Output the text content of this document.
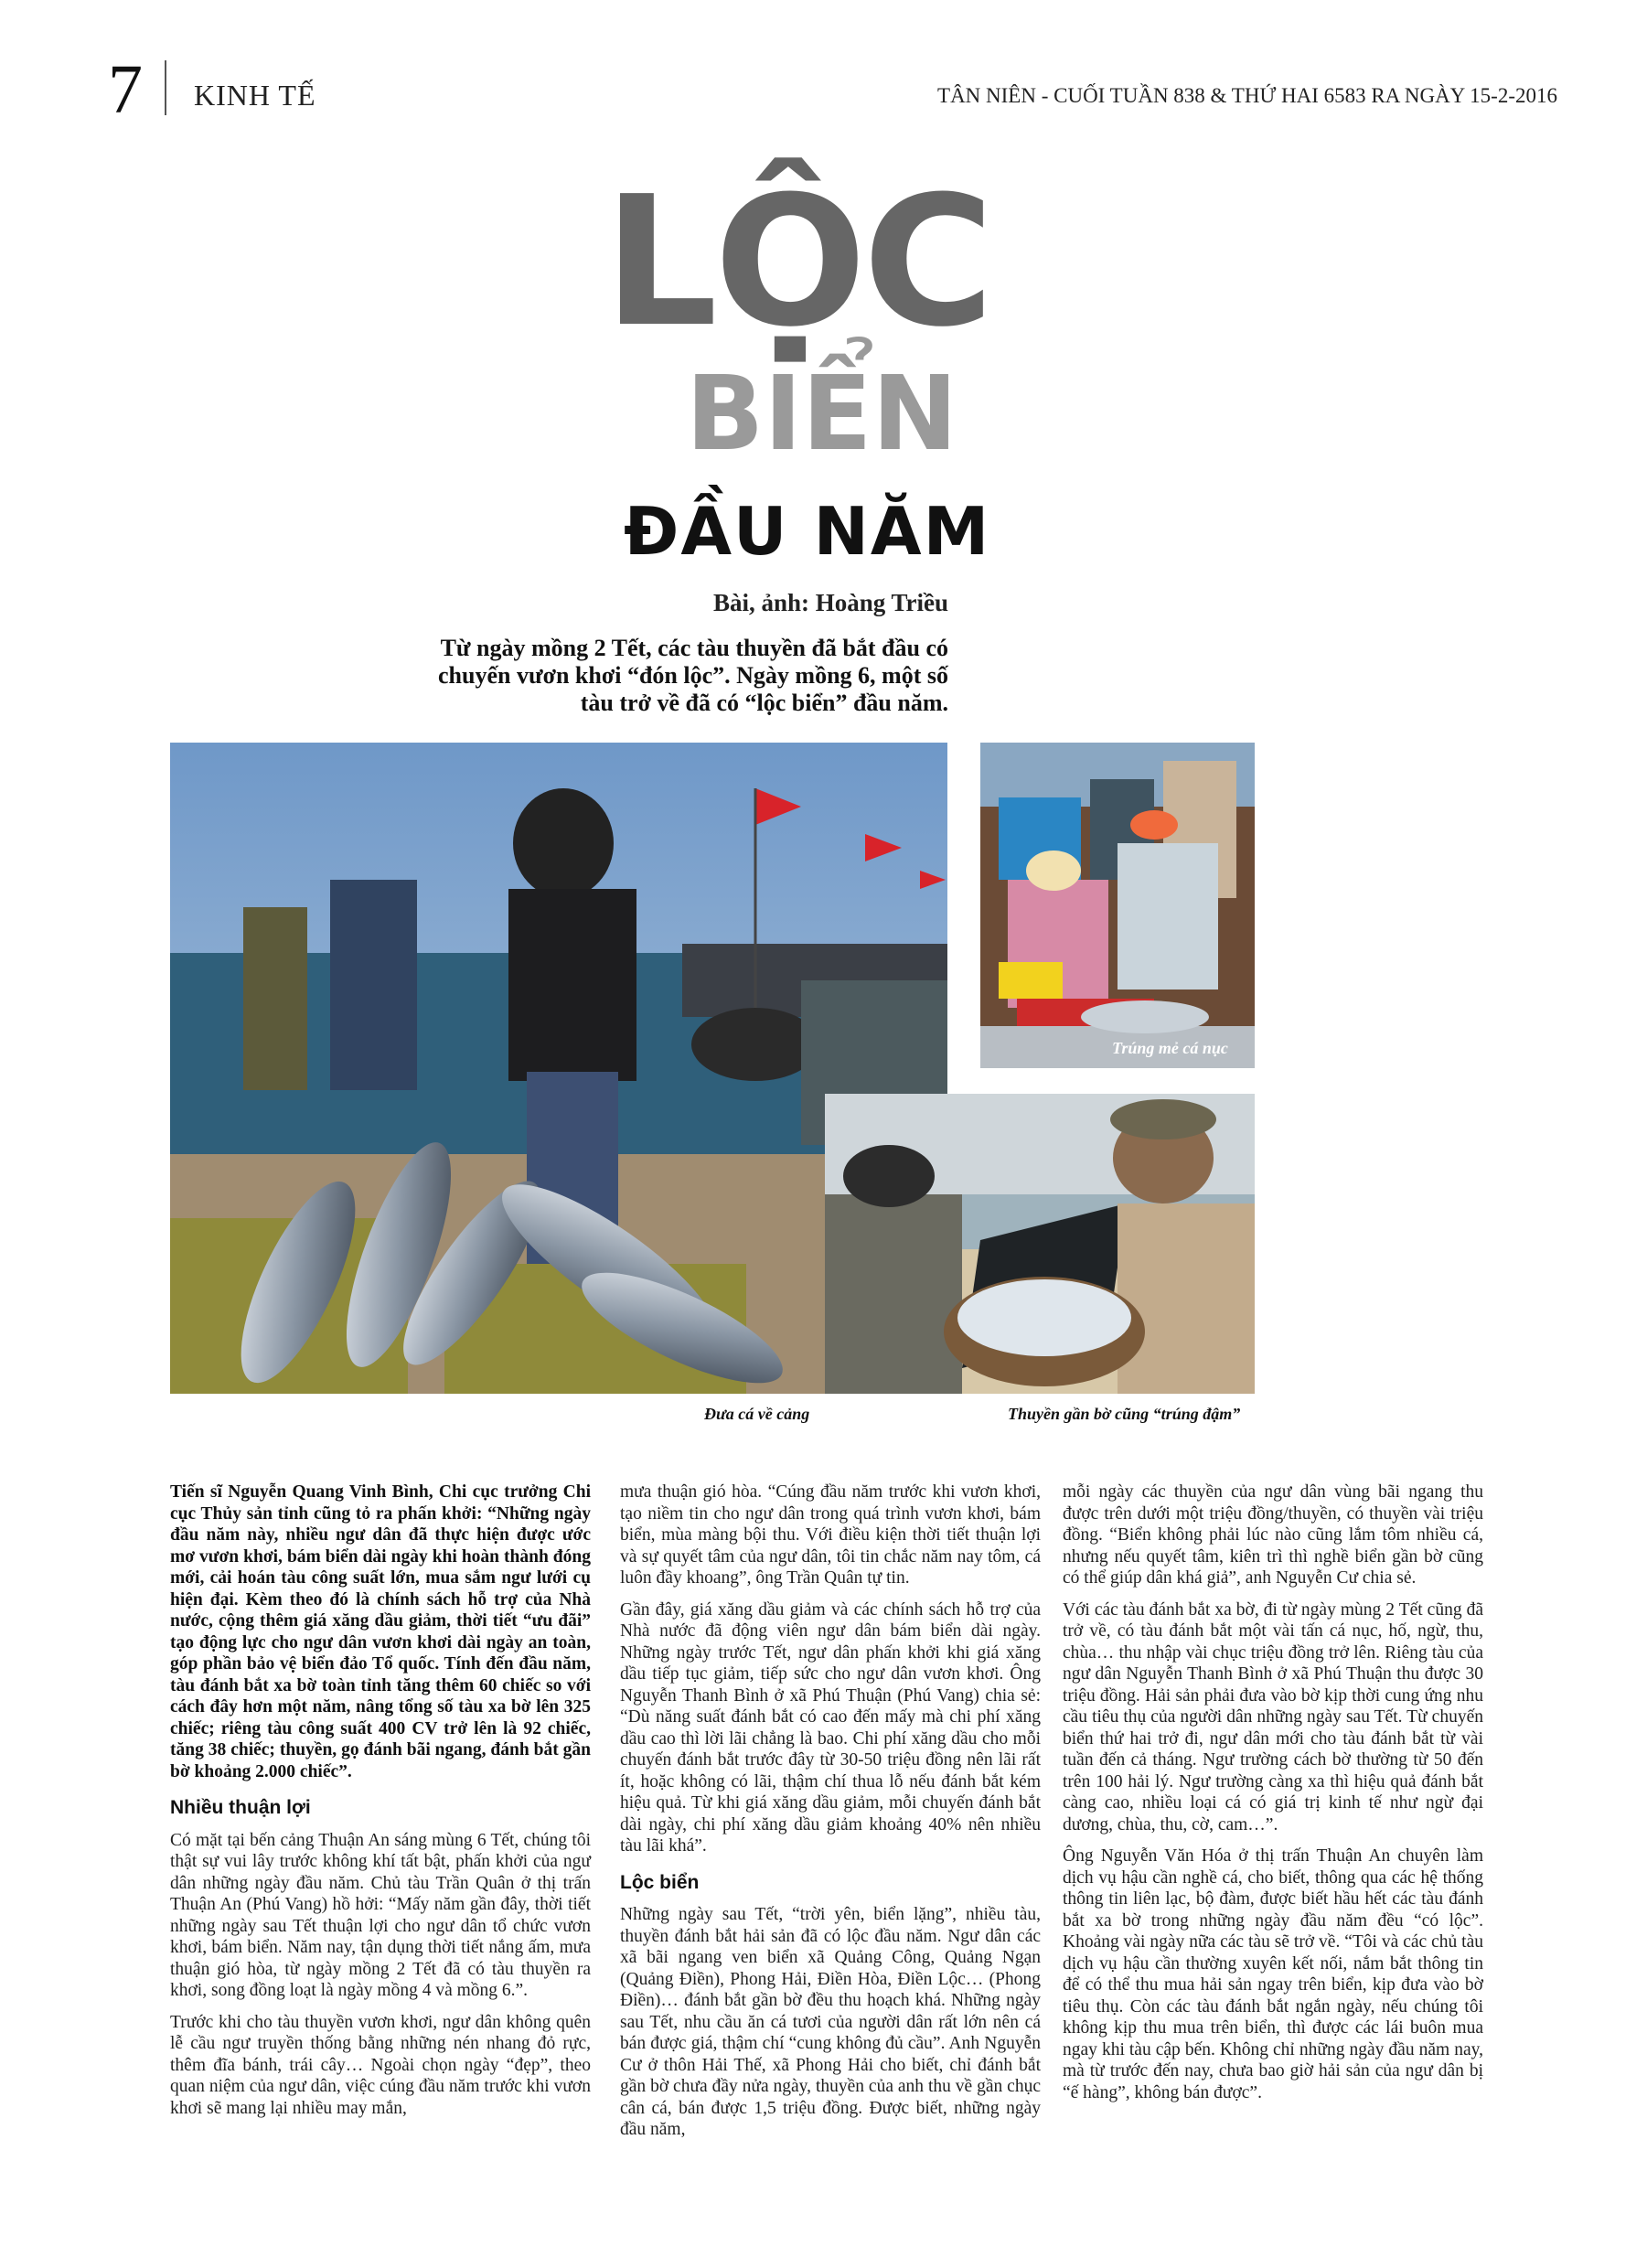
7 KINH TẾ	TÂN NIÊN - CUỐI TUẦN 838 & THỨ HAI 6583 RA NGÀY 15-2-2016
LỘC
BIỂN
ĐẦU NĂM
Bài, ảnh: Hoàng Triều
Từ ngày mồng 2 Tết, các tàu thuyền đã bắt đầu có chuyến vươn khơi “đón lộc”. Ngày mồng 6, một số tàu trở về đã có “lộc biển” đầu năm.
Trúng mẻ cá nục
Đưa cá về cảng	Thuyền gần bờ cũng “trúng đậm”

Tiến sĩ Nguyễn Quang Vinh Bình, Chi cục trưởng Chi cục Thủy sản tỉnh cũng tỏ ra phấn khởi: “Những ngày đầu năm này, nhiều ngư dân đã thực hiện được ước mơ vươn khơi, bám biển dài ngày khi hoàn thành đóng mới, cải hoán tàu công suất lớn, mua sắm ngư lưới cụ hiện đại. Kèm theo đó là chính sách hỗ trợ của Nhà nước, cộng thêm giá xăng dầu giảm, thời tiết “ưu đãi” tạo động lực cho ngư dân vươn khơi dài ngày an toàn, góp phần bảo vệ biển đảo Tổ quốc. Tính đến đầu năm, tàu đánh bắt xa bờ toàn tỉnh tăng thêm 60 chiếc so với cách đây hơn một năm, nâng tổng số tàu xa bờ lên 325 chiếc; riêng tàu công suất 400 CV trở lên là 92 chiếc, tăng 38 chiếc; thuyền, gọ đánh bãi ngang, đánh bắt gần bờ khoảng 2.000 chiếc”.

Nhiều thuận lợi

Có mặt tại bến cảng Thuận An sáng mùng 6 Tết, chúng tôi thật sự vui lây trước không khí tất bật, phấn khởi của ngư dân những ngày đầu năm. Chủ tàu Trần Quân ở thị trấn Thuận An (Phú Vang) hồ hởi: “Mấy năm gần đây, thời tiết những ngày sau Tết thuận lợi cho ngư dân tổ chức vươn khơi, bám biển. Năm nay, tận dụng thời tiết nắng ấm, mưa thuận gió hòa, từ ngày mồng 2 Tết đã có tàu thuyền ra khơi, song đồng loạt là ngày mồng 4 và mồng 6.”.

Trước khi cho tàu thuyền vươn khơi, ngư dân không quên lễ cầu ngư truyền thống bằng những nén nhang đỏ rực, thêm đĩa bánh, trái cây… Ngoài chọn ngày “đẹp”, theo quan niệm của ngư dân, việc cúng đầu năm trước khi vươn khơi sẽ mang lại nhiều may mắn,

mưa thuận gió hòa. “Cúng đầu năm trước khi vươn khơi, tạo niềm tin cho ngư dân trong quá trình vươn khơi, bám biển, mùa màng bội thu. Với điều kiện thời tiết thuận lợi và sự quyết tâm của ngư dân, tôi tin chắc năm nay tôm, cá luôn đầy khoang”, ông Trần Quân tự tin.

Gần đây, giá xăng dầu giảm và các chính sách hỗ trợ của Nhà nước đã động viên ngư dân bám biển dài ngày. Những ngày trước Tết, ngư dân phấn khởi khi giá xăng dầu tiếp tục giảm, tiếp sức cho ngư dân vươn khơi. Ông Nguyễn Thanh Bình ở xã Phú Thuận (Phú Vang) chia sẻ: “Dù năng suất đánh bắt có cao đến mấy mà chi phí xăng dầu cao thì lời lãi chẳng là bao. Chi phí xăng dầu cho mỗi chuyến đánh bắt trước đây từ 30-50 triệu đồng nên lãi rất ít, hoặc không có lãi, thậm chí thua lỗ nếu đánh bắt kém hiệu quả. Từ khi giá xăng dầu giảm, mỗi chuyến đánh bắt dài ngày, chi phí xăng dầu giảm khoảng 40% nên nhiều tàu lãi khá”.

Lộc biển

Những ngày sau Tết, “trời yên, biển lặng”, nhiều tàu, thuyền đánh bắt hải sản đã có lộc đầu năm. Ngư dân các xã bãi ngang ven biển xã Quảng Công, Quảng Ngạn (Quảng Điền), Phong Hải, Điền Hòa, Điền Lộc… (Phong Điền)… đánh bắt gần bờ đều thu hoạch khá. Những ngày sau Tết, nhu cầu ăn cá tươi của người dân rất lớn nên cá bán được giá, thậm chí “cung không đủ cầu”. Anh Nguyễn Cư ở thôn Hải Thế, xã Phong Hải cho biết, chỉ đánh bắt gần bờ chưa đầy nửa ngày, thuyền của anh thu về gần chục cân cá, bán được 1,5 triệu đồng. Được biết, những ngày đầu năm,

mỗi ngày các thuyền của ngư dân vùng bãi ngang thu được trên dưới một triệu đồng/thuyền, có thuyền vài triệu đồng. “Biển không phải lúc nào cũng lắm tôm nhiều cá, nhưng nếu quyết tâm, kiên trì thì nghề biển gần bờ cũng có thể giúp dân khá giả”, anh Nguyễn Cư chia sẻ.

Với các tàu đánh bắt xa bờ, đi từ ngày mùng 2 Tết cũng đã trở về, có tàu đánh bắt một vài tấn cá nục, hố, ngừ, thu, chùa… thu nhập vài chục triệu đồng trở lên. Riêng tàu của ngư dân Nguyễn Thanh Bình ở xã Phú Thuận thu được 30 triệu đồng. Hải sản phải đưa vào bờ kịp thời cung ứng nhu cầu tiêu thụ của người dân những ngày sau Tết. Từ chuyến biển thứ hai trở đi, ngư dân mới cho tàu đánh bắt từ vài tuần đến cả tháng. Ngư trường cách bờ thường từ 50 đến trên 100 hải lý. Ngư trường càng xa thì hiệu quả đánh bắt càng cao, nhiều loại cá có giá trị kinh tế như ngừ đại dương, chùa, thu, cờ, cam…”.

Ông Nguyễn Văn Hóa ở thị trấn Thuận An chuyên làm dịch vụ hậu cần nghề cá, cho biết, thông qua các hệ thống thông tin liên lạc, bộ đàm, được biết hầu hết các tàu đánh bắt xa bờ trong những ngày đầu năm đều “có lộc”. Khoảng vài ngày nữa các tàu sẽ trở về. “Tôi và các chủ tàu dịch vụ hậu cần thường xuyên kết nối, nắm bắt thông tin để có thể thu mua hải sản ngay trên biển, kịp đưa vào bờ tiêu thụ. Còn các tàu đánh bắt ngắn ngày, nếu chúng tôi không kịp thu mua trên biển, thì được các lái buôn mua ngay khi tàu cập bến. Không chỉ những ngày đầu năm nay, mà từ trước đến nay, chưa bao giờ hải sản của ngư dân bị “ế hàng”, không bán được”.
